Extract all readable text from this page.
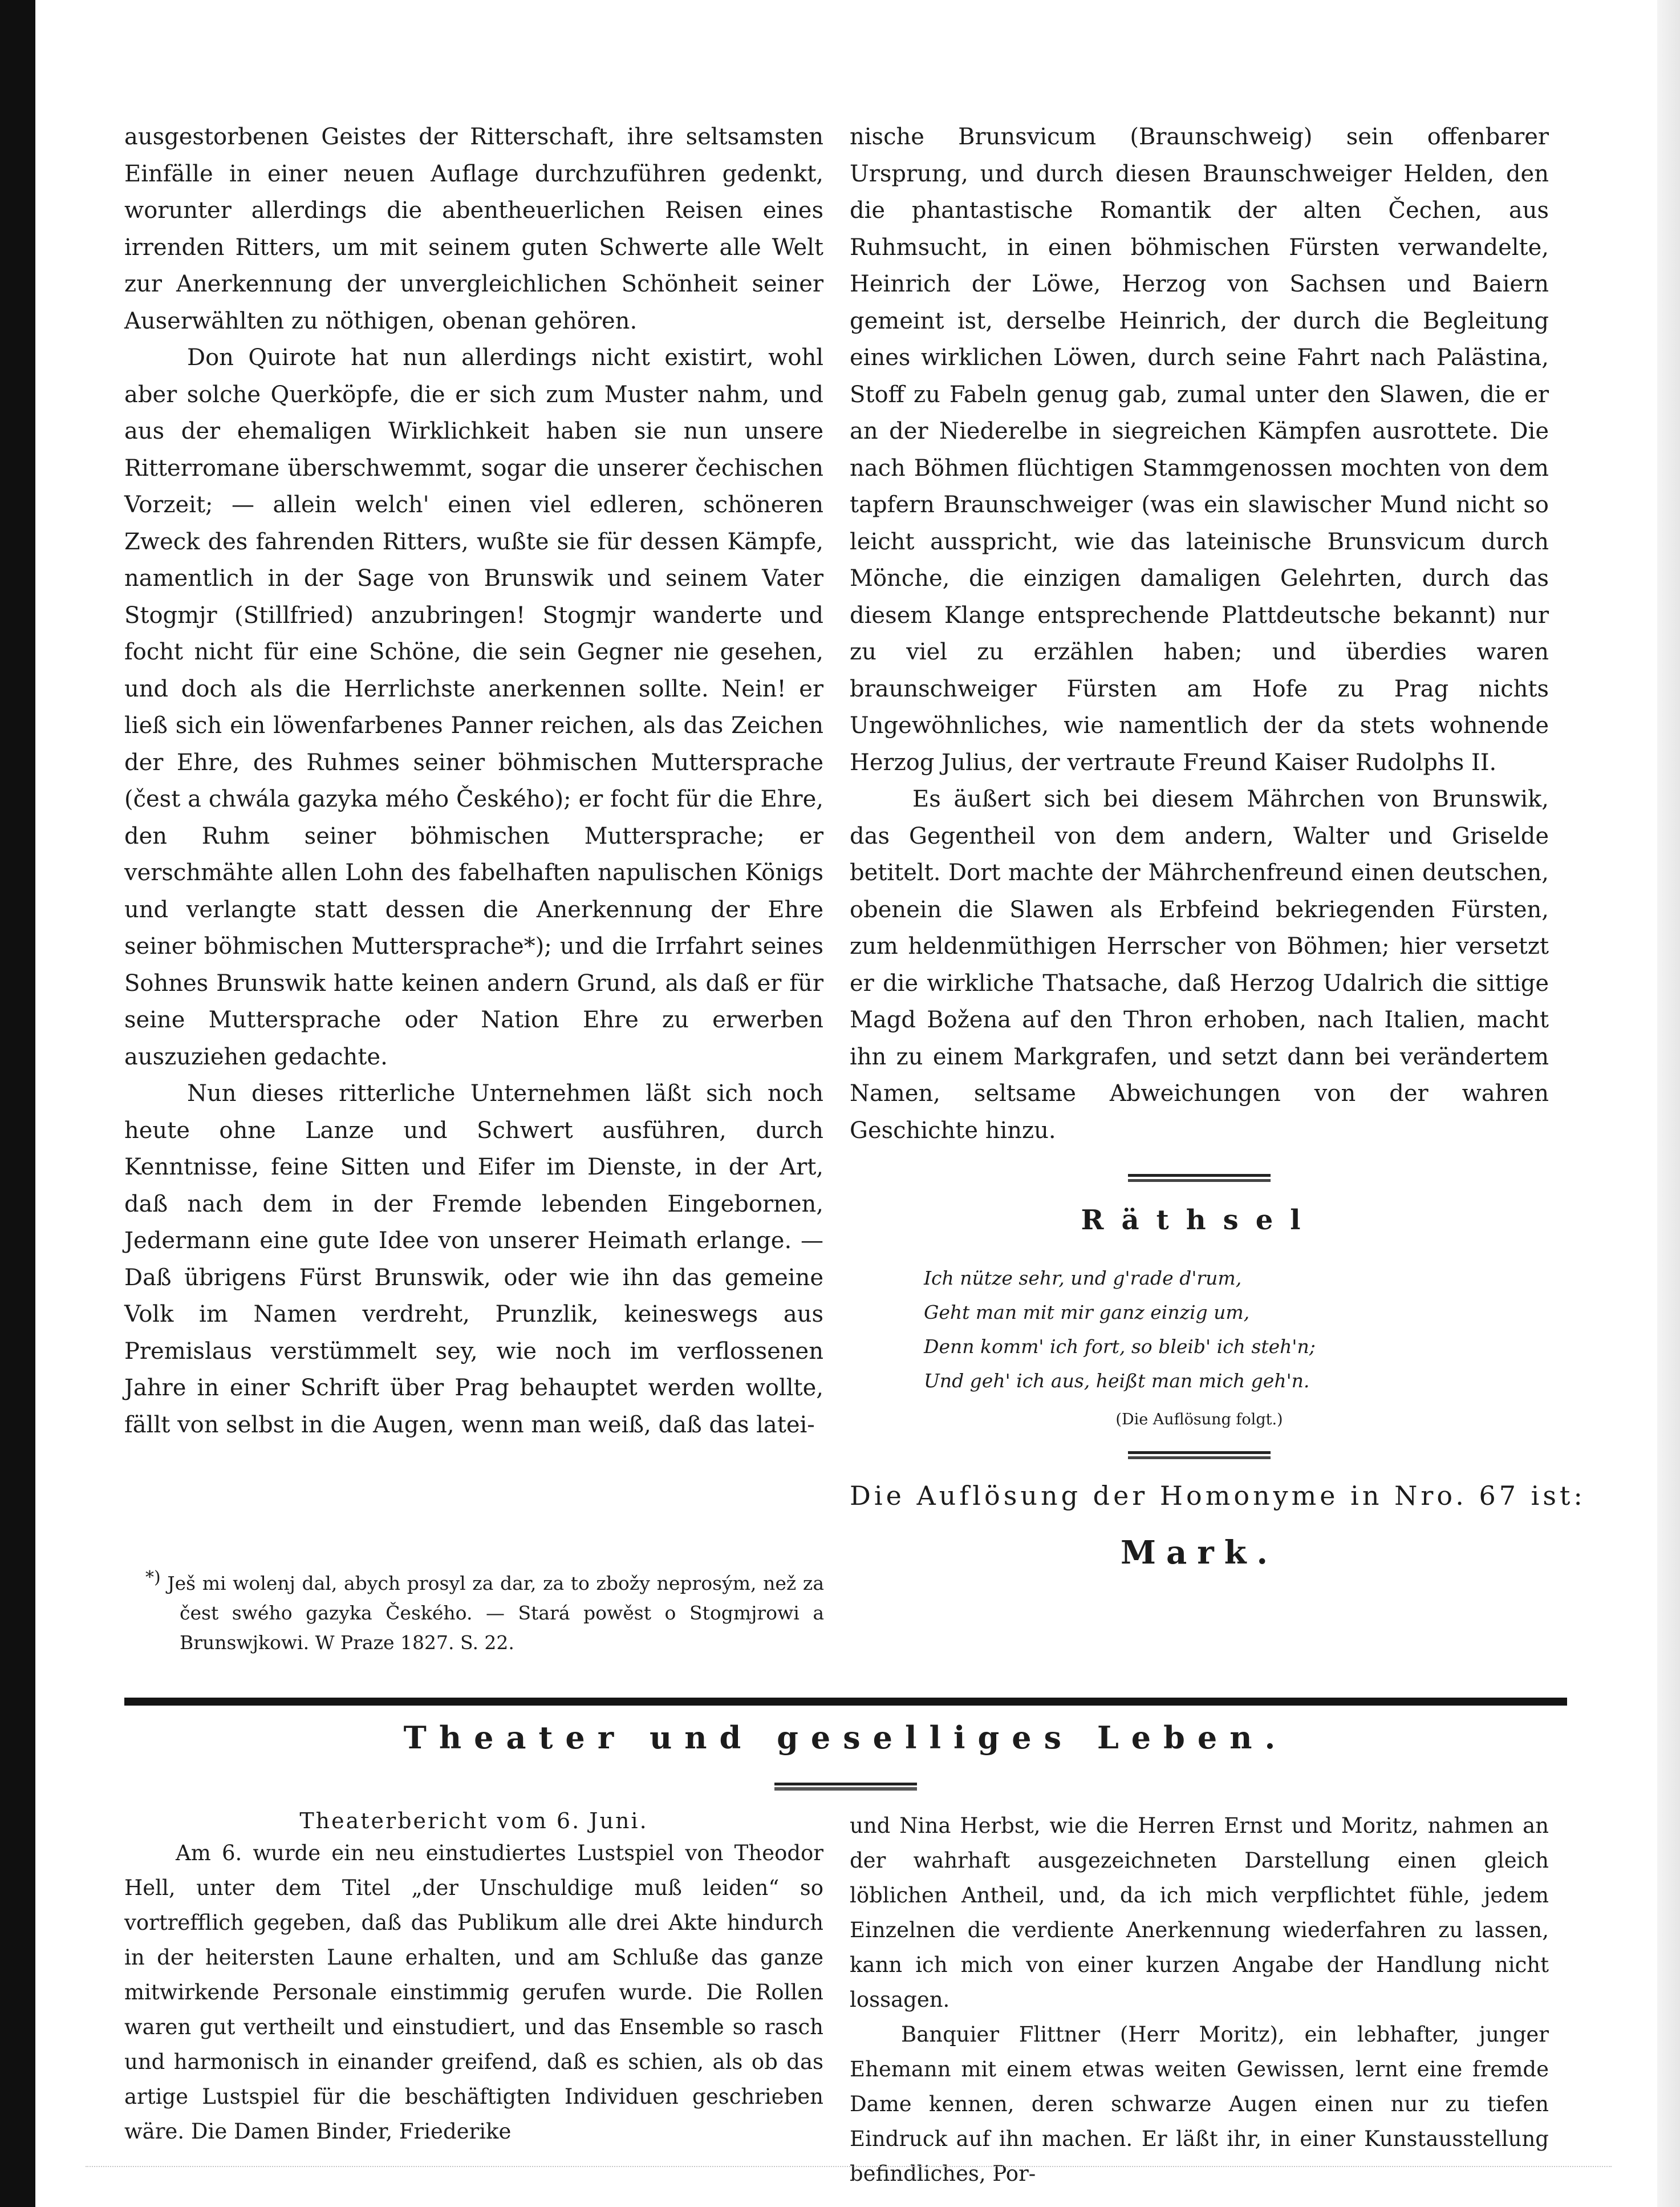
ausgestorbenen Geistes der Ritterschaft, ihre seltsamsten Einfälle in einer neuen Auflage durchzuführen gedenkt, worunter allerdings die abentheuerlichen Reisen eines irrenden Ritters, um mit seinem guten Schwerte alle Welt zur Anerkennung der unvergleichlichen Schönheit seiner Auserwählten zu nöthigen, obenan gehören.

Don Quirote hat nun allerdings nicht existirt, wohl aber solche Querköpfe, die er sich zum Muster nahm, und aus der ehemaligen Wirklichkeit haben sie nun unsere Ritterromane überschwemmt, sogar die unserer čechischen Vorzeit; — allein welch' einen viel edleren, schöneren Zweck des fahrenden Ritters, wußte sie für dessen Kämpfe, namentlich in der Sage von Brunswik und seinem Vater Stogmjr (Stillfried) anzubringen! Stogmjr wanderte und focht nicht für eine Schöne, die sein Gegner nie gesehen, und doch als die Herrlichste anerkennen sollte. Nein! er ließ sich ein löwenfarbenes Panner reichen, als das Zeichen der Ehre, des Ruhmes seiner böhmischen Muttersprache (čest a chwála gazyka mého Českého); er focht für die Ehre, den Ruhm seiner böhmischen Muttersprache; er verschmähte allen Lohn des fabelhaften napulischen Königs und verlangte statt dessen die Anerkennung der Ehre seiner böhmischen Muttersprache*); und die Irrfahrt seines Sohnes Brunswik hatte keinen andern Grund, als daß er für seine Muttersprache oder Nation Ehre zu erwerben auszuziehen gedachte.

Nun dieses ritterliche Unternehmen läßt sich noch heute ohne Lanze und Schwert ausführen, durch Kenntnisse, feine Sitten und Eifer im Dienste, in der Art, daß nach dem in der Fremde lebenden Eingebornen, Jedermann eine gute Idee von unserer Heimath erlange. — Daß übrigens Fürst Brunswik, oder wie ihn das gemeine Volk im Namen verdreht, Prunzlik, keineswegs aus Premislaus verstümmelt sey, wie noch im verflossenen Jahre in einer Schrift über Prag behauptet werden wollte, fällt von selbst in die Augen, wenn man weiß, daß das latei-

*) Ješ mi wolenj dal, abych prosyl za dar, za to zbožy neprosým, než za čest swého gazyka Českého. — Stará powěst o Stogmjrowi a Brunswjkowi. W Praze 1827. S. 22.

nische Brunsvicum (Braunschweig) sein offenbarer Ursprung, und durch diesen Braunschweiger Helden, den die phantastische Romantik der alten Čechen, aus Ruhmsucht, in einen böhmischen Fürsten verwandelte, Heinrich der Löwe, Herzog von Sachsen und Baiern gemeint ist, derselbe Heinrich, der durch die Begleitung eines wirklichen Löwen, durch seine Fahrt nach Palästina, Stoff zu Fabeln genug gab, zumal unter den Slawen, die er an der Niederelbe in siegreichen Kämpfen ausrottete. Die nach Böhmen flüchtigen Stammgenossen mochten von dem tapfern Braunschweiger (was ein slawischer Mund nicht so leicht ausspricht, wie das lateinische Brunsvicum durch Mönche, die einzigen damaligen Gelehrten, durch das diesem Klange entsprechende Plattdeutsche bekannt) nur zu viel zu erzählen haben; und überdies waren braunschweiger Fürsten am Hofe zu Prag nichts Ungewöhnliches, wie namentlich der da stets wohnende Herzog Julius, der vertraute Freund Kaiser Rudolphs II.

Es äußert sich bei diesem Mährchen von Brunswik, das Gegentheil von dem andern, Walter und Griselde betitelt. Dort machte der Mährchenfreund einen deutschen, obenein die Slawen als Erbfeind bekriegenden Fürsten, zum heldenmüthigen Herrscher von Böhmen; hier versetzt er die wirkliche Thatsache, daß Herzog Udalrich die sittige Magd Božena auf den Thron erhoben, nach Italien, macht ihn zu einem Markgrafen, und setzt dann bei verändertem Namen, seltsame Abweichungen von der wahren Geschichte hinzu.

Räthsel
Ich nütze sehr, und g'rade d'rum,
Geht man mit mir ganz einzig um,
Denn komm' ich fort, so bleib' ich steh'n;
Und geh' ich aus, heißt man mich geh'n.
(Die Auflösung folgt.)
Die Auflösung der Homonyme in Nro. 67 ist:
Mark.
Theater und geselliges Leben.
Theaterbericht vom 6. Juni.

Am 6. wurde ein neu einstudiertes Lustspiel von Theodor Hell, unter dem Titel „der Unschuldige muß leiden“ so vortrefflich gegeben, daß das Publikum alle drei Akte hindurch in der heitersten Laune erhalten, und am Schluße das ganze mitwirkende Personale einstimmig gerufen wurde. Die Rollen waren gut vertheilt und einstudiert, und das Ensemble so rasch und harmonisch in einander greifend, daß es schien, als ob das artige Lustspiel für die beschäftigten Individuen geschrieben wäre. Die Damen Binder, Friederike

und Nina Herbst, wie die Herren Ernst und Moritz, nahmen an der wahrhaft ausgezeichneten Darstellung einen gleich löblichen Antheil, und, da ich mich verpflichtet fühle, jedem Einzelnen die verdiente Anerkennung wiederfahren zu lassen, kann ich mich von einer kurzen Angabe der Handlung nicht lossagen.

Banquier Flittner (Herr Moritz), ein lebhafter, junger Ehemann mit einem etwas weiten Gewissen, lernt eine fremde Dame kennen, deren schwarze Augen einen nur zu tiefen Eindruck auf ihn machen. Er läßt ihr, in einer Kunstausstellung befindliches, Por-
